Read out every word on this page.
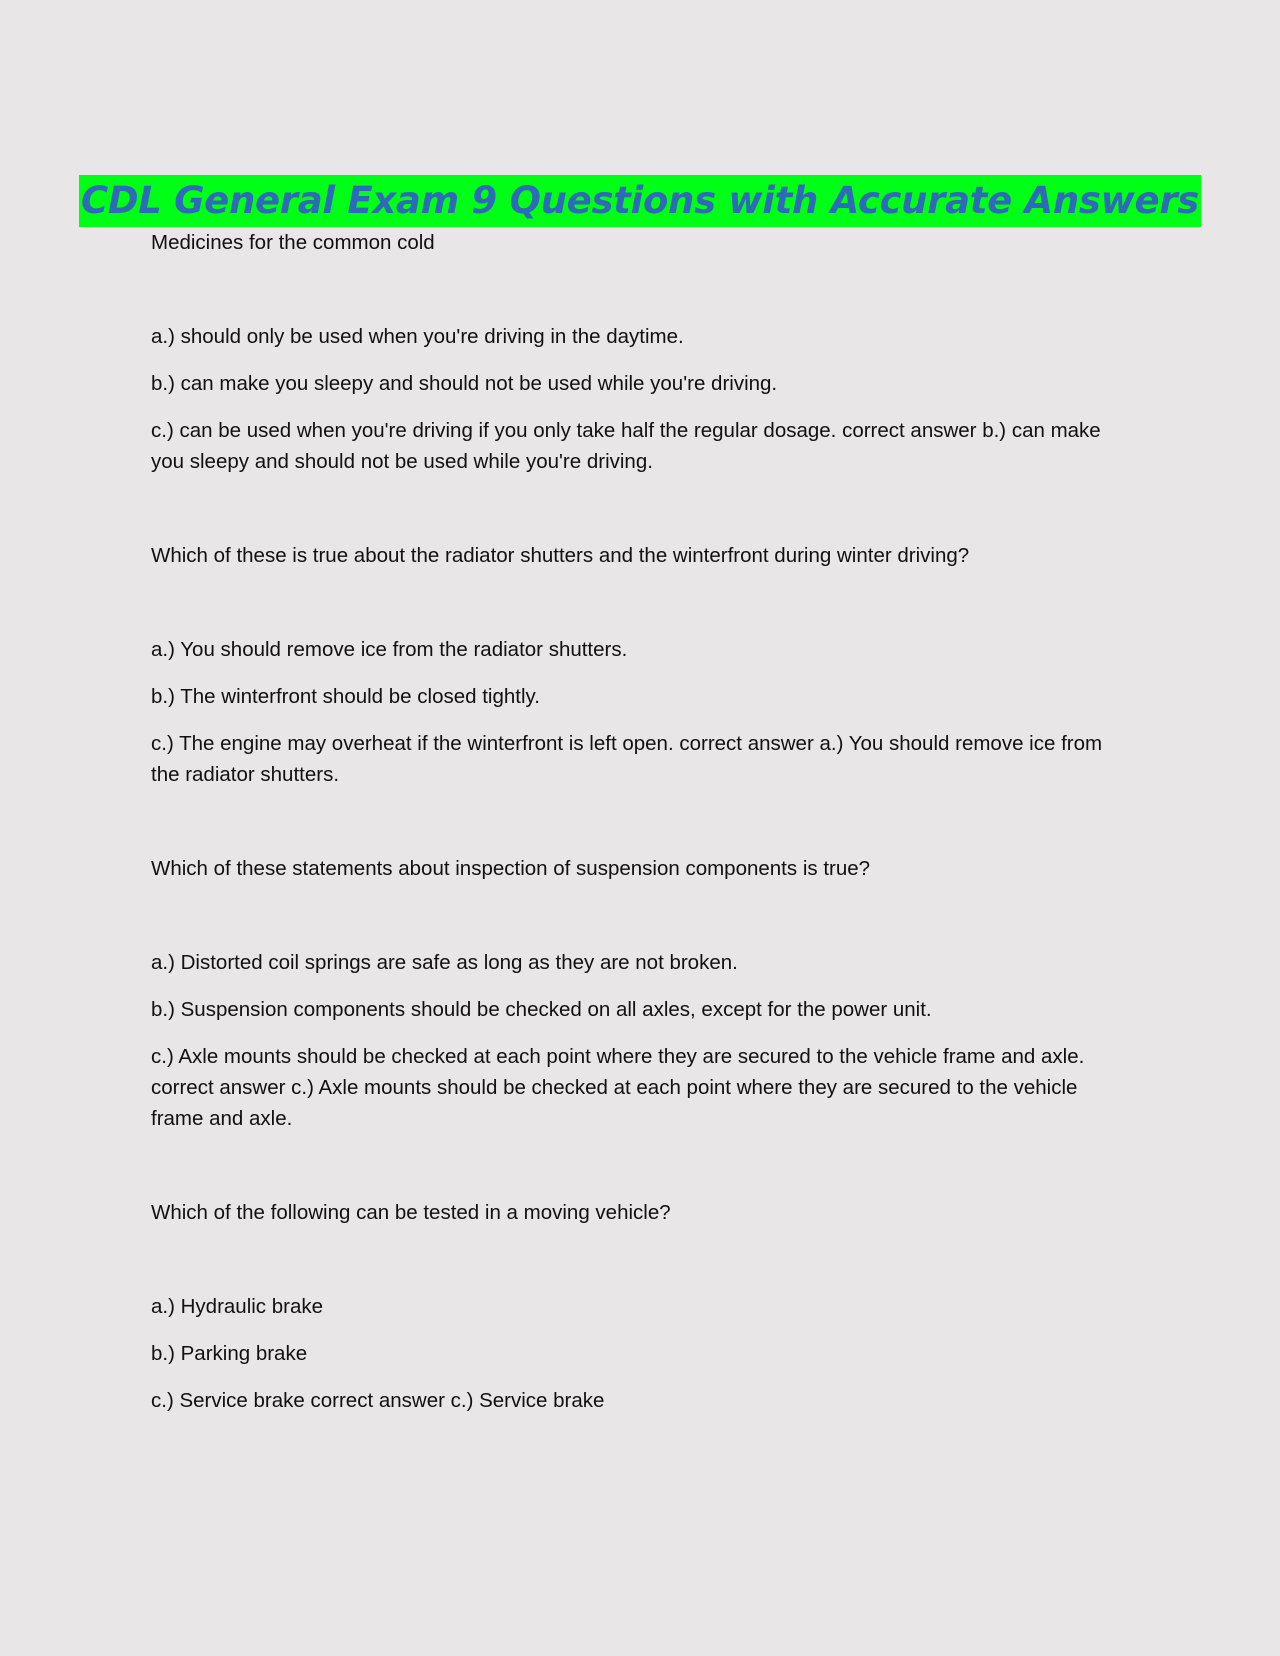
CDL General Exam 9 Questions with Accurate Answers

Medicines for the common cold

a.) should only be used when you're driving in the daytime.

b.) can make you sleepy and should not be used while you're driving.

c.) can be used when you're driving if you only take half the regular dosage. correct answer b.) can make you sleepy and should not be used while you're driving.

Which of these is true about the radiator shutters and the winterfront during winter driving?

a.) You should remove ice from the radiator shutters.

b.) The winterfront should be closed tightly.

c.) The engine may overheat if the winterfront is left open. correct answer a.) You should remove ice from the radiator shutters.

Which of these statements about inspection of suspension components is true?

a.) Distorted coil springs are safe as long as they are not broken.

b.) Suspension components should be checked on all axles, except for the power unit.

c.) Axle mounts should be checked at each point where they are secured to the vehicle frame and axle. correct answer c.) Axle mounts should be checked at each point where they are secured to the vehicle frame and axle.

Which of the following can be tested in a moving vehicle?

a.) Hydraulic brake

b.) Parking brake

c.) Service brake correct answer c.) Service brake
